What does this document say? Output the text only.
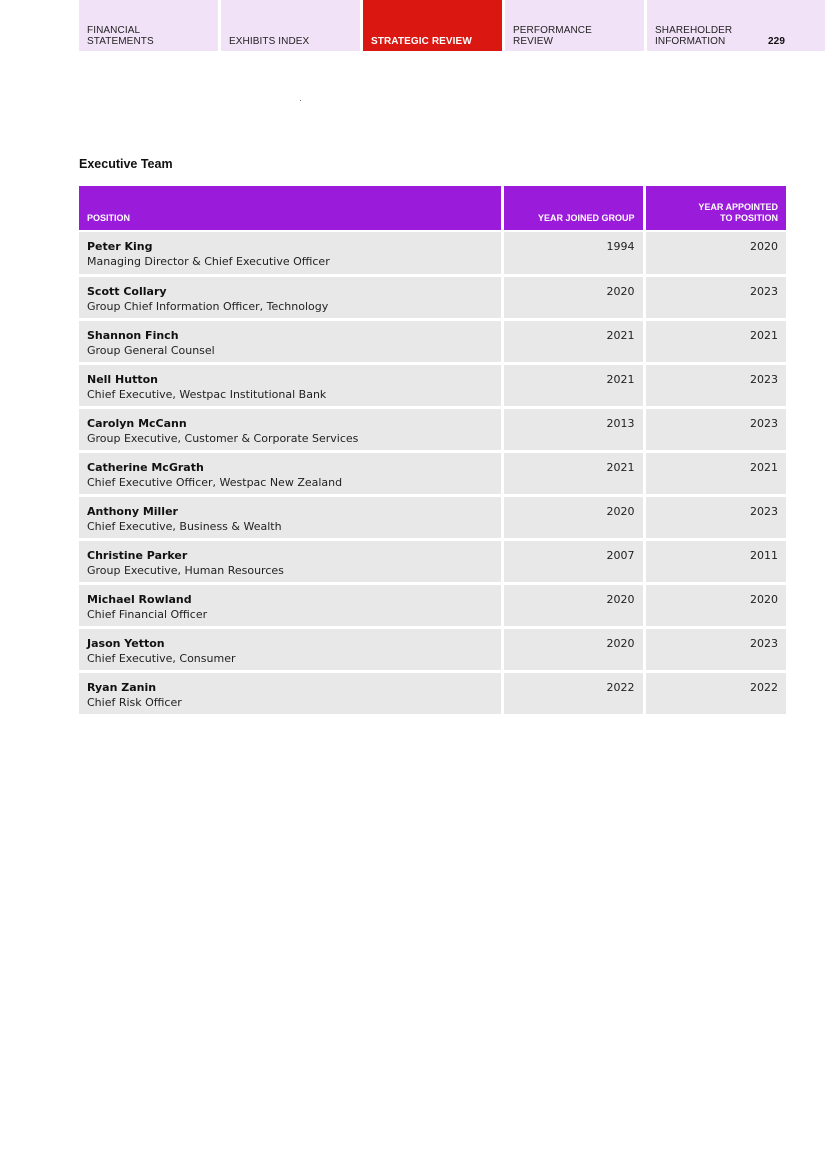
FINANCIAL
STATEMENTS	EXHIBITS INDEX	STRATEGIC REVIEW
PERFORMANCE
REVIEW
SHAREHOLDER
INFORMATION	229
Executive Team
POSITION	YEAR JOINED GROUP	YEAR APPOINTED
TO POSITION

Peter King
Managing Director & Chief Executive Officer	1994	2020

Scott Collary
Group Chief Information Officer, Technology	2020	2023

Shannon Finch
Group General Counsel	2021	2021

Nell Hutton
Chief Executive, Westpac Institutional Bank	2021	2023

Carolyn McCann
Group Executive, Customer & Corporate Services	2013	2023

Catherine McGrath
Chief Executive Officer, Westpac New Zealand	2021	2021

Anthony Miller
Chief Executive, Business & Wealth	2020	2023

Christine Parker
Group Executive, Human Resources	2007	2011

Michael Rowland
Chief Financial Officer	2020	2020

Jason Yetton
Chief Executive, Consumer	2020	2023

Ryan Zanin
Chief Risk Officer	2022	2022
